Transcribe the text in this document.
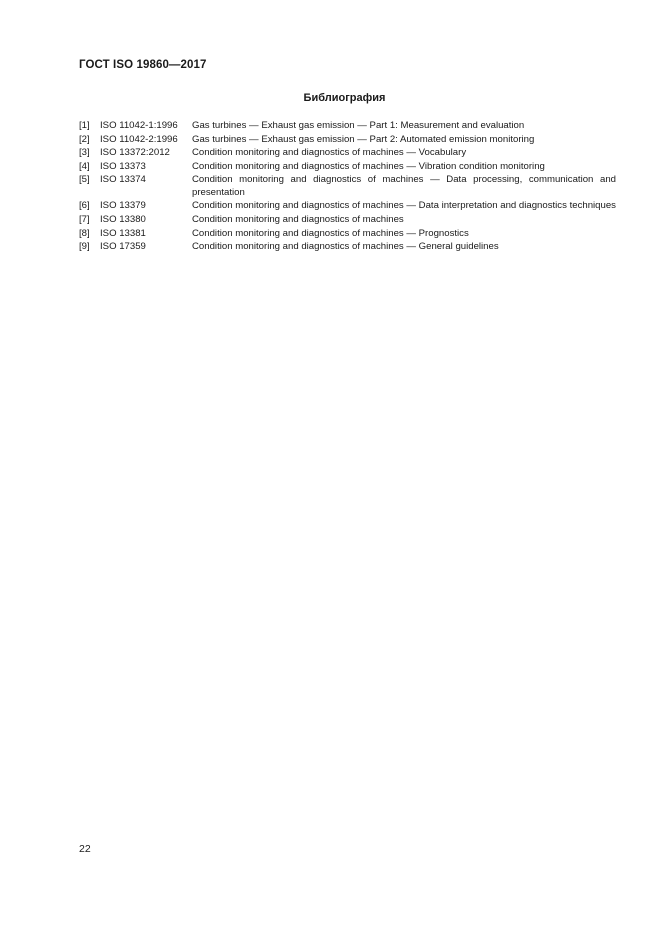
ГОСТ ISO 19860—2017
Библиография
[1]	ISO 11042-1:1996	Gas turbines — Exhaust gas emission — Part 1: Measurement and evaluation
[2]	ISO 11042-2:1996	Gas turbines — Exhaust gas emission — Part 2: Automated emission monitoring
[3]	ISO 13372:2012	Condition monitoring and diagnostics of machines — Vocabulary
[4]	ISO 13373	Condition monitoring and diagnostics of machines — Vibration condition monitoring
[5]	ISO 13374	Condition monitoring and diagnostics of machines — Data processing, communication and presentation
[6]	ISO 13379	Condition monitoring and diagnostics of machines — Data interpretation and diagnostics techniques
[7]	ISO 13380	Condition monitoring and diagnostics of machines
[8]	ISO 13381	Condition monitoring and diagnostics of machines — Prognostics
[9]	ISO 17359	Condition monitoring and diagnostics of machines — General guidelines
22
